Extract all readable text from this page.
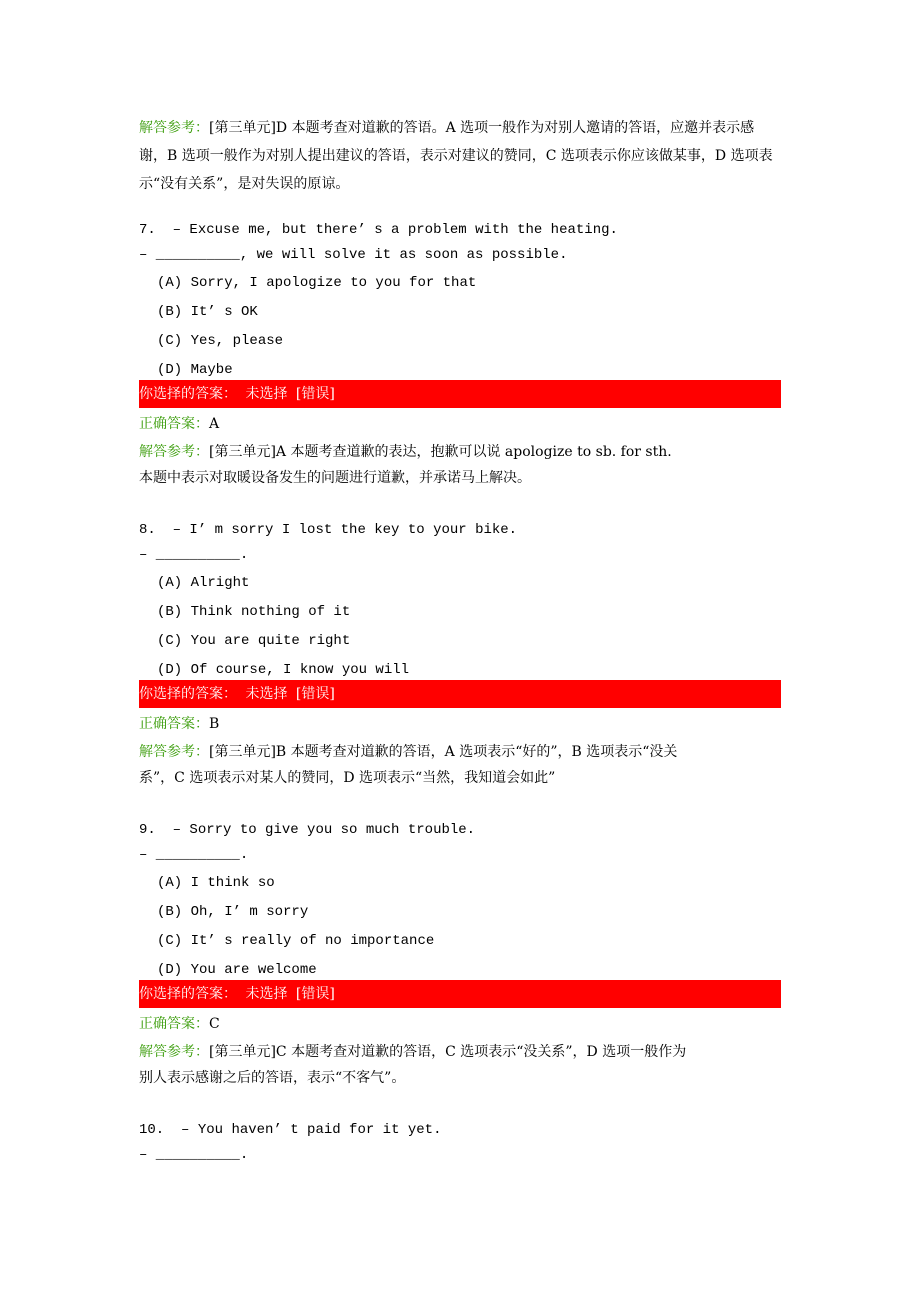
解答参考：[第三单元]D 本题考查对道歉的答语。A 选项一般作为对别人邀请的答语，应邀并表示感谢，B 选项一般作为对别人提出建议的答语，表示对建议的赞同，C 选项表示你应该做某事，D 选项表示“没有关系”，是对失误的原谅。
7. – Excuse me, but there’ s a problem with the heating.
– __________, we will solve it as soon as possible.
(A) Sorry, I apologize to you for that
(B) It’ s OK
(C) Yes, please
(D) Maybe
你选择的答案： 未选择 [错误]
正确答案：A
解答参考：[第三单元]A 本题考查道歉的表达，抱歉可以说 apologize to sb. for sth.
本题中表示对取暖设备发生的问题进行道歉，并承诺马上解决。
8. – I’ m sorry I lost the key to your bike.
– __________.
(A) Alright
(B) Think nothing of it
(C) You are quite right
(D) Of course, I know you will
你选择的答案： 未选择 [错误]
正确答案：B
解答参考：[第三单元]B 本题考查对道歉的答语，A 选项表示“好的”，B 选项表示“没关
系”，C 选项表示对某人的赞同，D 选项表示“当然，我知道会如此”
9. – Sorry to give you so much trouble.
– __________.
(A) I think so
(B) Oh, I’ m sorry
(C) It’ s really of no importance
(D) You are welcome
你选择的答案： 未选择 [错误]
正确答案：C
解答参考：[第三单元]C 本题考查对道歉的答语，C 选项表示“没关系”，D 选项一般作为
别人表示感谢之后的答语，表示“不客气”。
10. – You haven’ t paid for it yet.
– __________.
